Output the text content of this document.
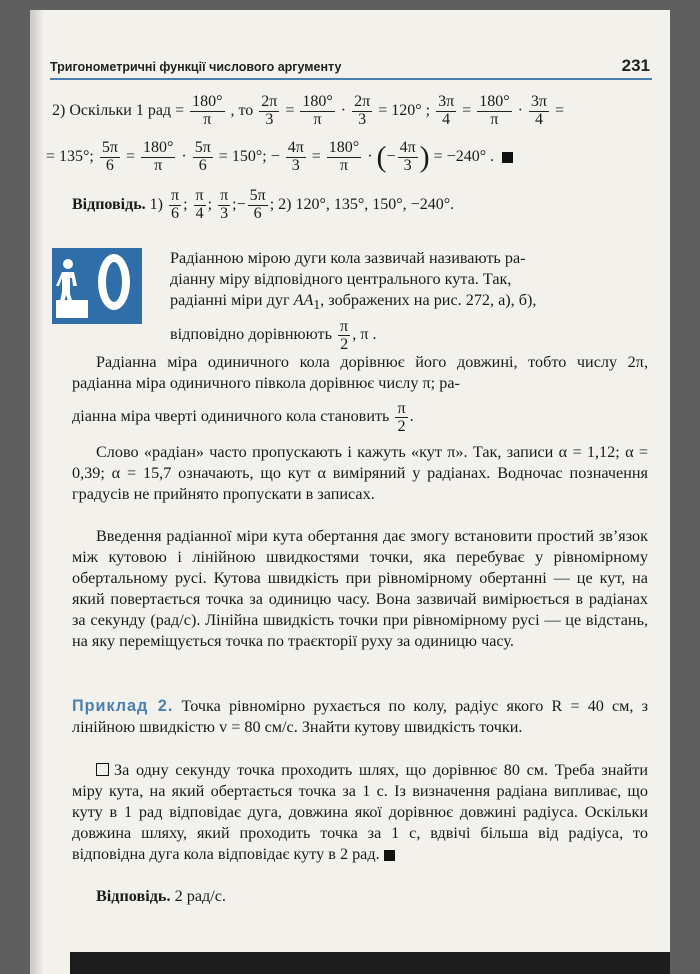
Тригонометричні функції числового аргументу	231
2) Оскільки 1 рад = $\frac{180^\circ}{\pi}$ , то $\frac{2\pi}{3} = \frac{180^\circ}{\pi} \cdot \frac{2\pi}{3} = 120^\circ$ ; $\frac{3\pi}{4} = \frac{180^\circ}{\pi} \cdot \frac{3\pi}{4}$ =
= 135°; $\frac{5\pi}{6} = \frac{180^\circ}{\pi} \cdot \frac{5\pi}{6} = 150^\circ$; − $\frac{4\pi}{3} = \frac{180^\circ}{\pi}$ · (− $\frac{4\pi}{3}$ ) = −240° .
Відповідь. $1) \frac{\pi}{6}$ ; $\frac{\pi}{4}$ ; $\frac{\pi}{3}$ ;− $\frac{5\pi}{6}$ ; 2) 120°, 135°, 150°, −240°.
Радіанною мірою дуги кола зазвичай називають ра-
діанну міру відповідного центрального кута. Так,
радіанні міри дуг $AA_1$, зображених на рис. 272, а), б),
відповідно дорівнюють $\frac{\pi}{2}$ , π .
Радіанна міра одиничного кола дорівнює його довжині, тобто числу 2π, радіанна міра одиничного півкола дорівнює числу π; ра-
діанна міра чверті одиничного кола становить $\frac{\pi}{2}$ .
Слово «радіан» часто пропускають і кажуть «кут π». Так, записи α = 1,12; α = 0,39; α = 15,7 означають, що кут α виміряний у радіанах. Водночас позначення градусів не прийнято пропускати в записах.
Введення радіанної міри кута обертання дає змогу встановити простий зв’язок між кутовою і лінійною швидкостями точки, яка перебуває у рівномірному обертальному русі. Кутова швидкість при рівномірному обертанні — це кут, на який повертається точка за одиницю часу. Вона зазвичай вимірюється в радіанах за секунду (рад/с). Лінійна швидкість точки при рівномірному русі — це відстань, на яку переміщується точка по траєкторії руху за одиницю часу.
Приклад 2. Точка рівномірно рухається по колу, радіус якого R = 40 см, з лінійною швидкістю v = 80 см/с. Знайти кутову швидкість точки.
За одну секунду точка проходить шлях, що дорівнює 80 см. Треба знайти міру кута, на який обертається точка за 1 с. Із визначення радіана випливає, що куту в 1 рад відповідає дуга, довжина якої дорівнює довжині радіуса. Оскільки довжина шляху, який проходить точка за 1 с, вдвічі більша від радіуса, то відповідна дуга кола відповідає куту в 2 рад.
Відповідь. 2 рад/с.
